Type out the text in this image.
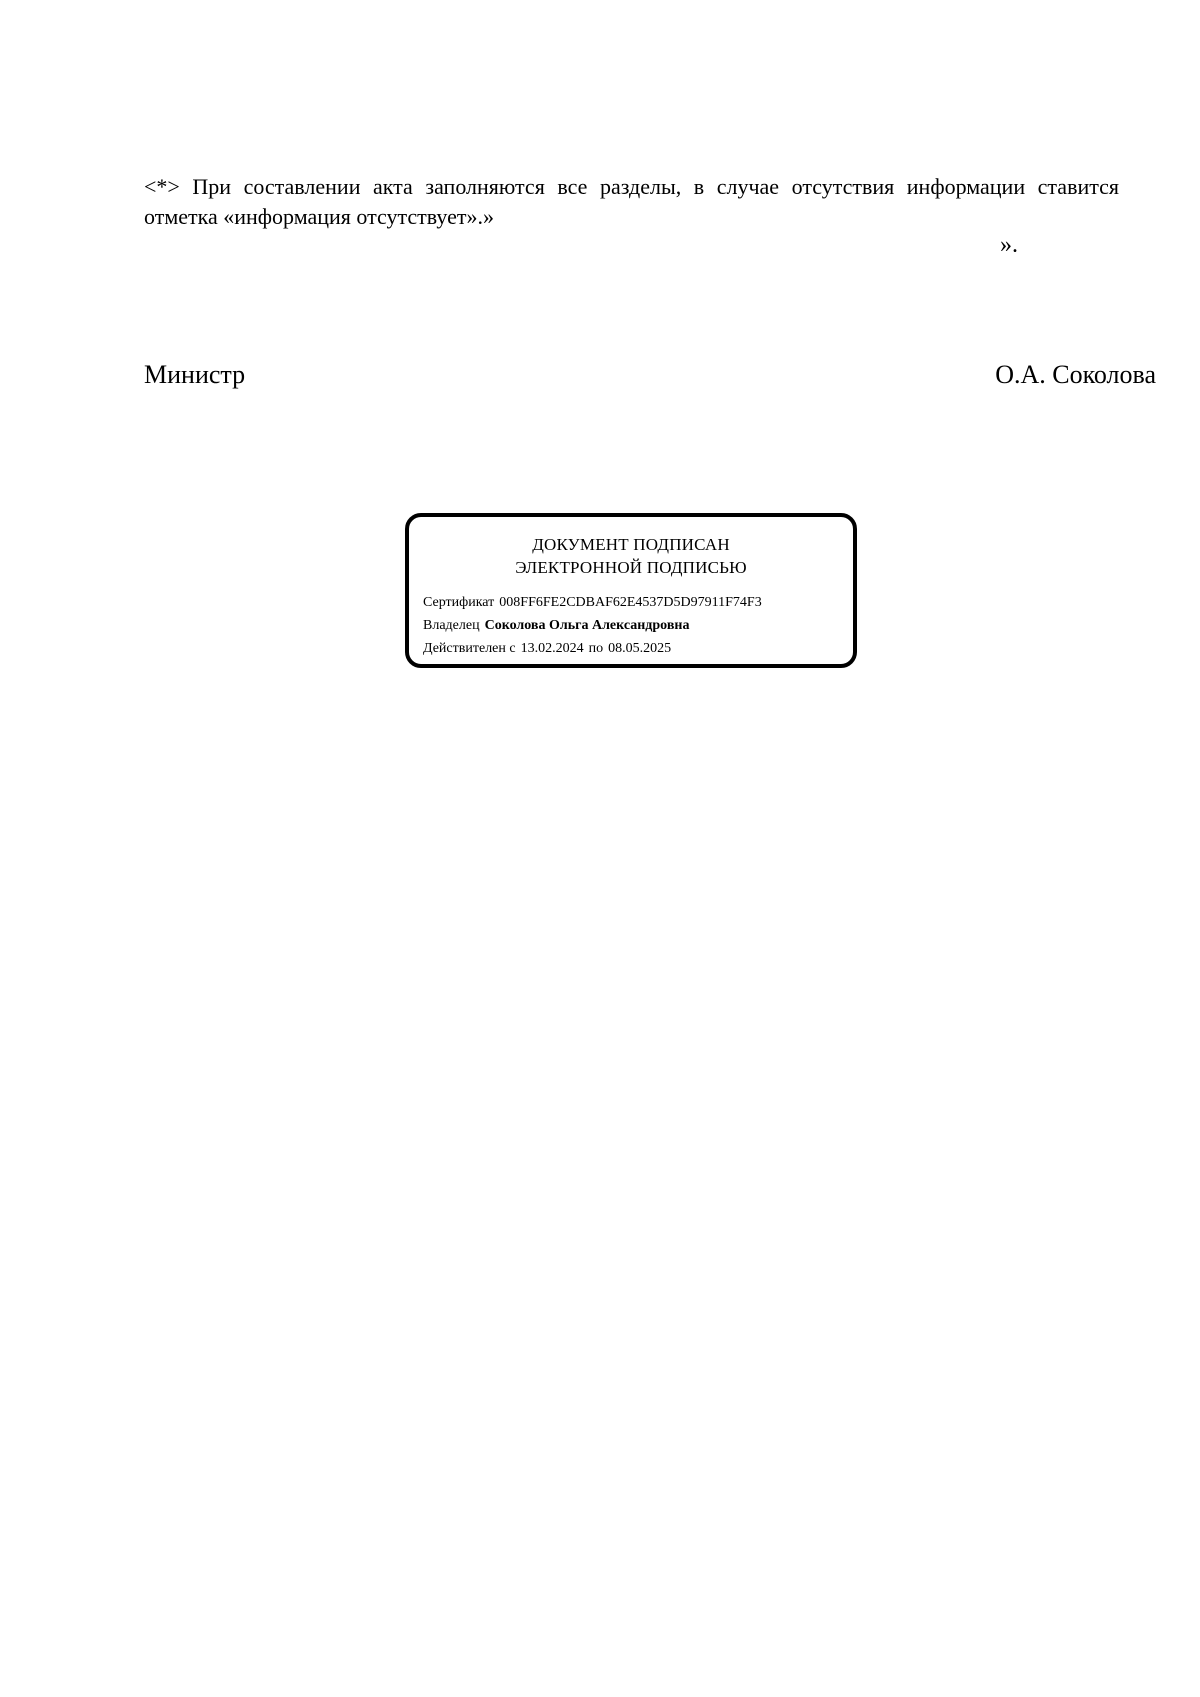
<*> При составлении акта заполняются все разделы, в случае отсутствия информации ставится отметка «информация отсутствует».»

».
Министр	О.А. Соколова
ДОКУМЕНТ ПОДПИСАН
ЭЛЕКТРОННОЙ ПОДПИСЬЮ
Сертификат 008FF6FE2CDBAF62E4537D5D97911F74F3
Владелец Соколова Ольга Александровна
Действителен с 13.02.2024 по 08.05.2025
